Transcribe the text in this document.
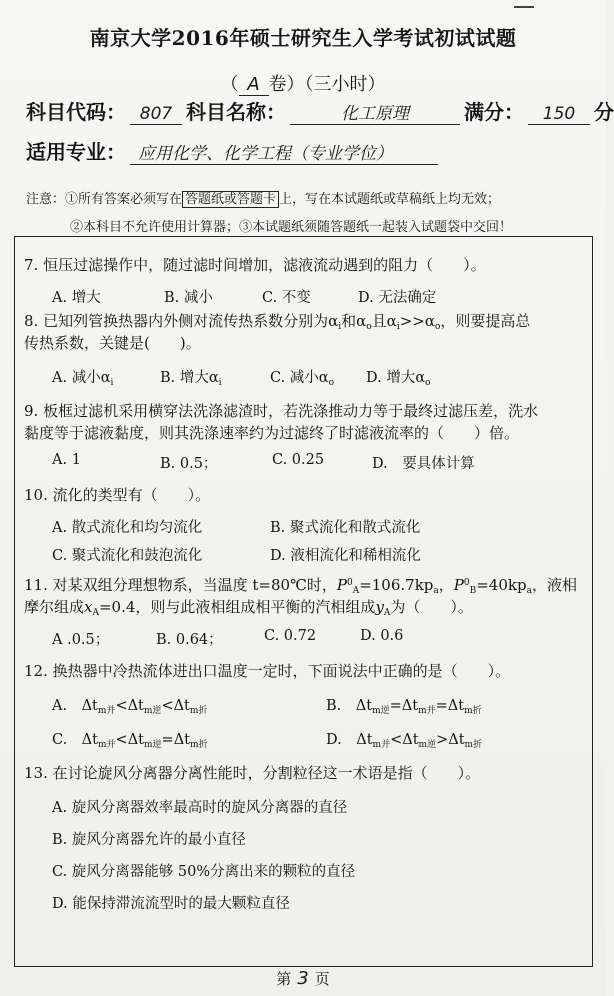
南京大学2016年硕士研究生入学考试初试试题
（ A 卷）（三小时）
科目代码： 807 科目名称：	化工原理	满分： 150 分
适用专业： 应用化学、化学工程（专业学位）
注意：①所有答案必须写在 答题纸或答题卡 上，写在本试题纸或草稿纸上均无效；
②本科目不允许使用计算器；③本试题纸须随答题纸一起装入试题袋中交回！
7. 恒压过滤操作中，随过滤时间增加，滤液流动遇到的阻力（　　）。
A. 增大	B. 减小	C. 不变	D. 无法确定
8. 已知列管换热器内外侧对流传热系数分别为$\alpha_i$和$\alpha_o$且$\alpha_i>>\alpha_o$，则要提高总
传热系数，关键是(　　)。
A. 减小$\alpha_i$	B. 增大$\alpha_i$	C. 减小$\alpha_o$ D. 增大$\alpha_o$
9. 板框过滤机采用横穿法洗涤滤渣时，若洗涤推动力等于最终过滤压差，洗水
黏度等于滤液黏度，则其洗涤速率约为过滤终了时滤液流率的（　　）倍。
A. 1	B. 0.5；	C. 0.25	D.　要具体计算
10. 流化的类型有（　　）。
A. 散式流化和均匀流化	B. 聚式流化和散式流化
C. 聚式流化和鼓泡流化	D. 液相流化和稀相流化
11. 对某双组分理想物系，当温度 t=80℃时，$P^0_A=106.7kp_a$，$P^0_B=40kp_a$，液相
摩尔组成$x_A=0.4$，则与此液相组成相平衡的汽相组成$y_A$为（　　）。
A .0.5；	B. 0.64；	C. 0.72	D. 0.6
12. 换热器中冷热流体进出口温度一定时，下面说法中正确的是（　　）。
A.　$\Delta t_{m并}<\Delta t_{m逆}<\Delta t_{m折}$	B.　$\Delta t_{m逆}=\Delta t_{m并}=\Delta t_{m折}$
C.　$\Delta t_{m并}<\Delta t_{m逆}=\Delta t_{m折}$	D.　$\Delta t_{m并}<\Delta t_{m逆}>\Delta t_{m折}$
13. 在讨论旋风分离器分离性能时，分割粒径这一术语是指（　　）。
A. 旋风分离器效率最高时的旋风分离器的直径
B. 旋风分离器允许的最小直径
C. 旋风分离器能够 50%分离出来的颗粒的直径
D. 能保持滞流流型时的最大颗粒直径
第 3 页
